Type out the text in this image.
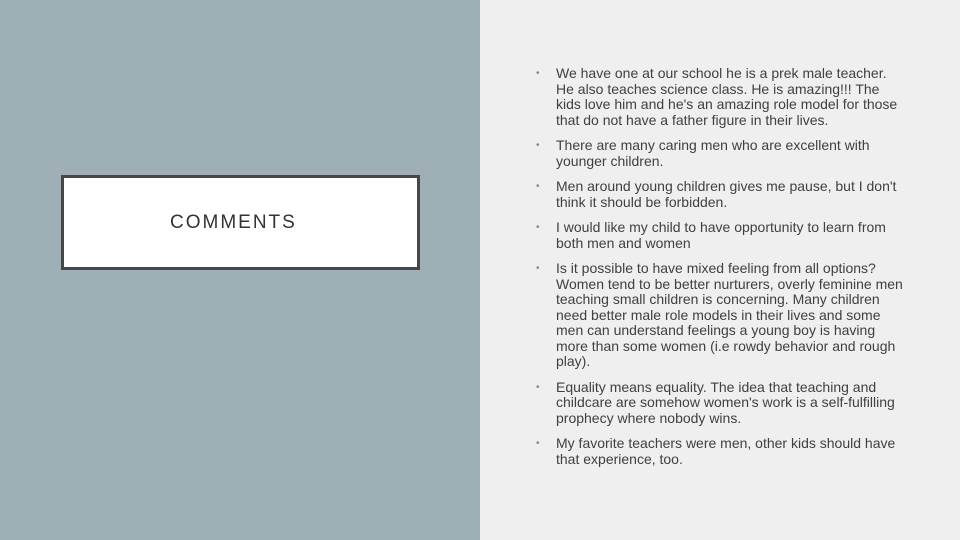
COMMENTS
• We have one at our school he is a prek male teacher. He also teaches science class. He is amazing!!! The kids love him and he's an amazing role model for those that do not have a father figure in their lives.
• There are many caring men who are excellent with younger children.
• Men around young children gives me pause, but I don't think it should be forbidden.
• I would like my child to have opportunity to learn from both men and women
• Is it possible to have mixed feeling from all options? Women tend to be better nurturers, overly feminine men teaching small children is concerning. Many children need better male role models in their lives and some men can understand feelings a young boy is having more than some women (i.e rowdy behavior and rough play).
• Equality means equality. The idea that teaching and childcare are somehow women's work is a self-fulfilling prophecy where nobody wins.
• My favorite teachers were men, other kids should have that experience, too.
